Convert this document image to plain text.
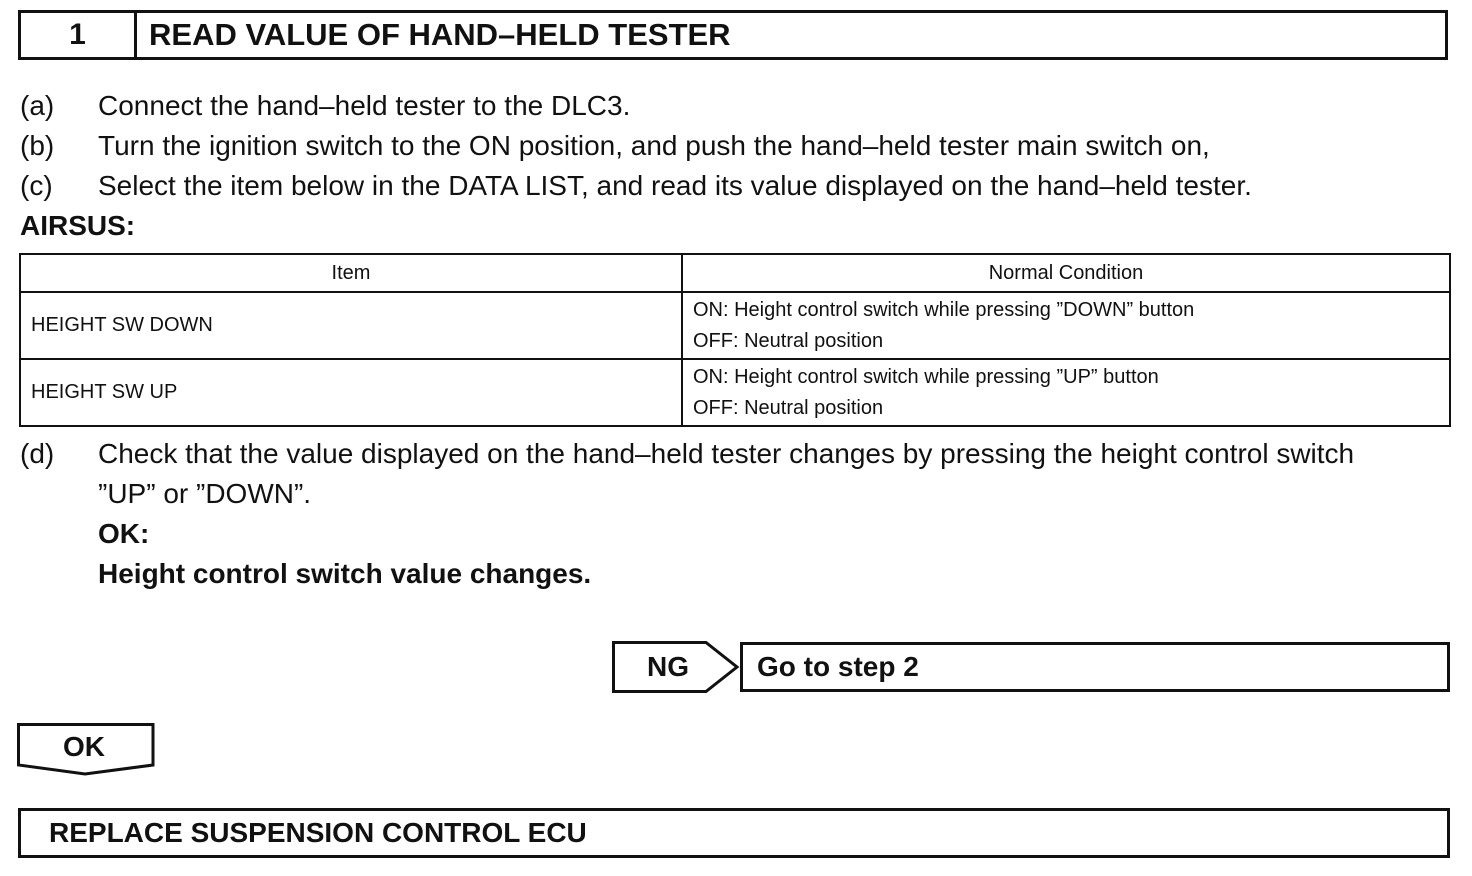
1	READ VALUE OF HAND–HELD TESTER
(a)	Connect the hand–held tester to the DLC3.
(b)	Turn the ignition switch to the ON position, and push the hand–held tester main switch on,
(c)	Select the item below in the DATA LIST, and read its value displayed on the hand–held tester.
AIRSUS:
Item	Normal Condition
HEIGHT SW DOWN	ON: Height control switch while pressing ”DOWN” button
OFF: Neutral position

HEIGHT SW UP	ON: Height control switch while pressing ”UP” button
OFF: Neutral position
(d)	Check that the value displayed on the hand–held tester changes by pressing the height control switch
”UP” or ”DOWN”.
OK:
Height control switch value changes.
NG	Go to step 2
OK
REPLACE SUSPENSION CONTROL ECU
